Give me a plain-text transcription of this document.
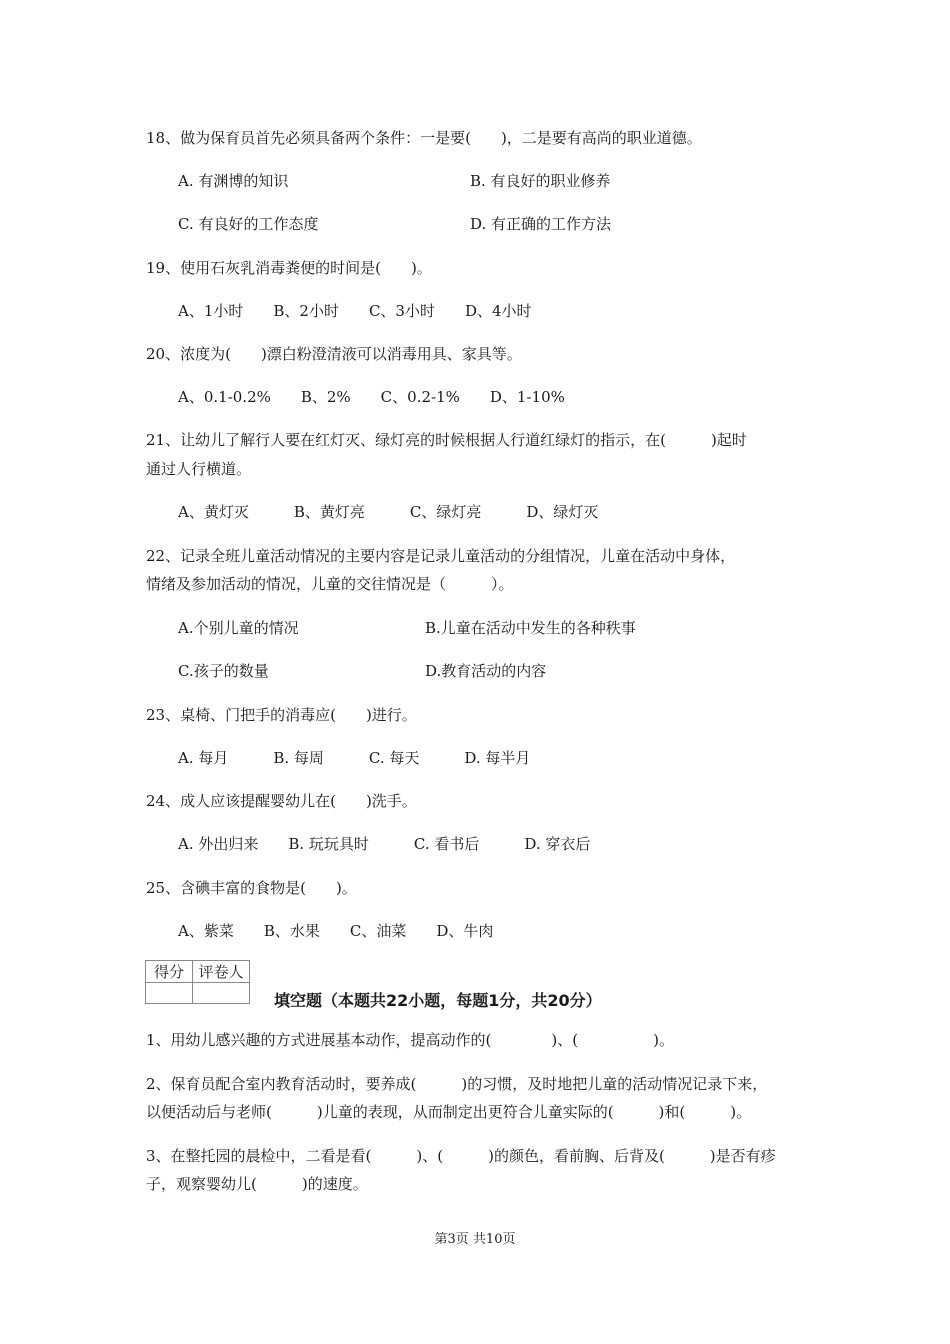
18、做为保育员首先必须具备两个条件：一是要(　　)，二是要有高尚的职业道德。
A. 有渊博的知识	B. 有良好的职业修养
C. 有良好的工作态度	D. 有正确的工作方法
19、使用石灰乳消毒粪便的时间是(　　)。
A、1小时　　B、2小时　　C、3小时　　D、4小时
20、浓度为(　　)漂白粉澄清液可以消毒用具、家具等。
A、0.1-0.2%　　B、2%　　C、0.2-1%　　D、1-10%
21、让幼儿了解行人要在红灯灭、绿灯亮的时候根据人行道红绿灯的指示，在(　　　)起时
通过人行横道。
A、黄灯灭　　　B、黄灯亮　　　C、绿灯亮　　　D、绿灯灭
22、记录全班儿童活动情况的主要内容是记录儿童活动的分组情况，儿童在活动中身体，
情绪及参加活动的情况，儿童的交往情况是（　　　）。
A.个别儿童的情况	B.儿童在活动中发生的各种秩事
C.孩子的数量	D.教育活动的内容
23、桌椅、门把手的消毒应(　　)进行。
A. 每月　　　B. 每周　　　C. 每天　　　D. 每半月
24、成人应该提醒婴幼儿在(　　)洗手。
A. 外出归来　　B. 玩玩具时　　　C. 看书后　　　D. 穿衣后
25、含碘丰富的食物是(　　)。
A、紫菜　　B、水果　　C、油菜　　D、牛肉
得分	评卷人

填空题（本题共22小题，每题1分，共20分）
1、用幼儿感兴趣的方式进展基本动作，提高动作的(　　　　)、(　　　　　)。
2、保育员配合室内教育活动时，要养成(　　　)的习惯，及时地把儿童的活动情况记录下来，
以便活动后与老师(　　　)儿童的表现，从而制定出更符合儿童实际的(　　　)和(　　　)。
3、在整托园的晨检中，二看是看(　　　)、(　　　)的颜色，看前胸、后背及(　　　)是否有疹
子，观察婴幼儿(　　　)的速度。
第3页 共10页
